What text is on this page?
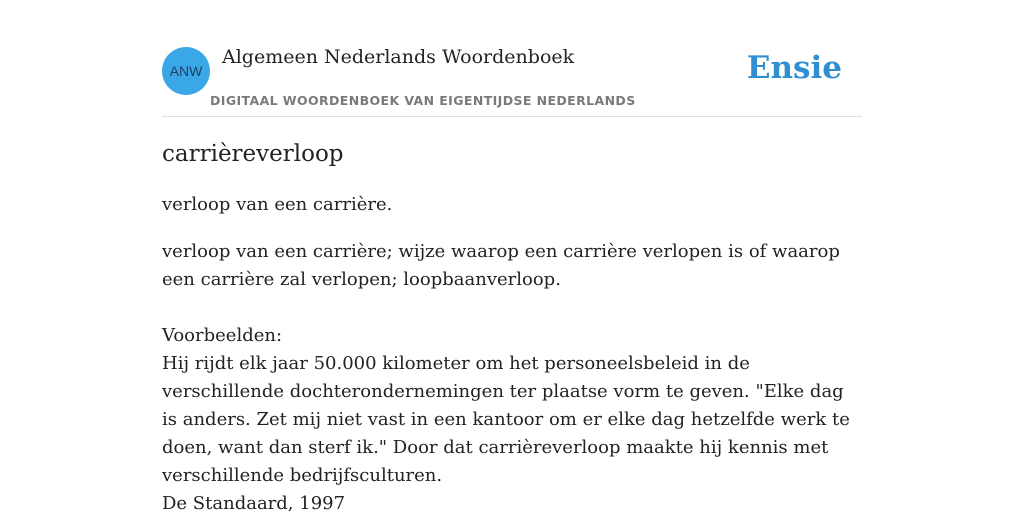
ANW
Algemeen Nederlands Woordenboek
DIGITAAL WOORDENBOEK VAN EIGENTIJDSE NEDERLANDS
Ensie
carrièreverloop

verloop van een carrière.

verloop van een carrière; wijze waarop een carrière verlopen is of waarop een carrière zal verlopen; loopbaanverloop.

Voorbeelden:

Hij rijdt elk jaar 50.000 kilometer om het personeelsbeleid in de verschillende dochterondernemingen ter plaatse vorm te geven. "Elke dag is anders. Zet mij niet vast in een kantoor om er elke dag hetzelfde werk te doen, want dan sterf ik." Door dat carrièreverloop maakte hij kennis met verschillende bedrijfsculturen.

De Standaard, 1997
